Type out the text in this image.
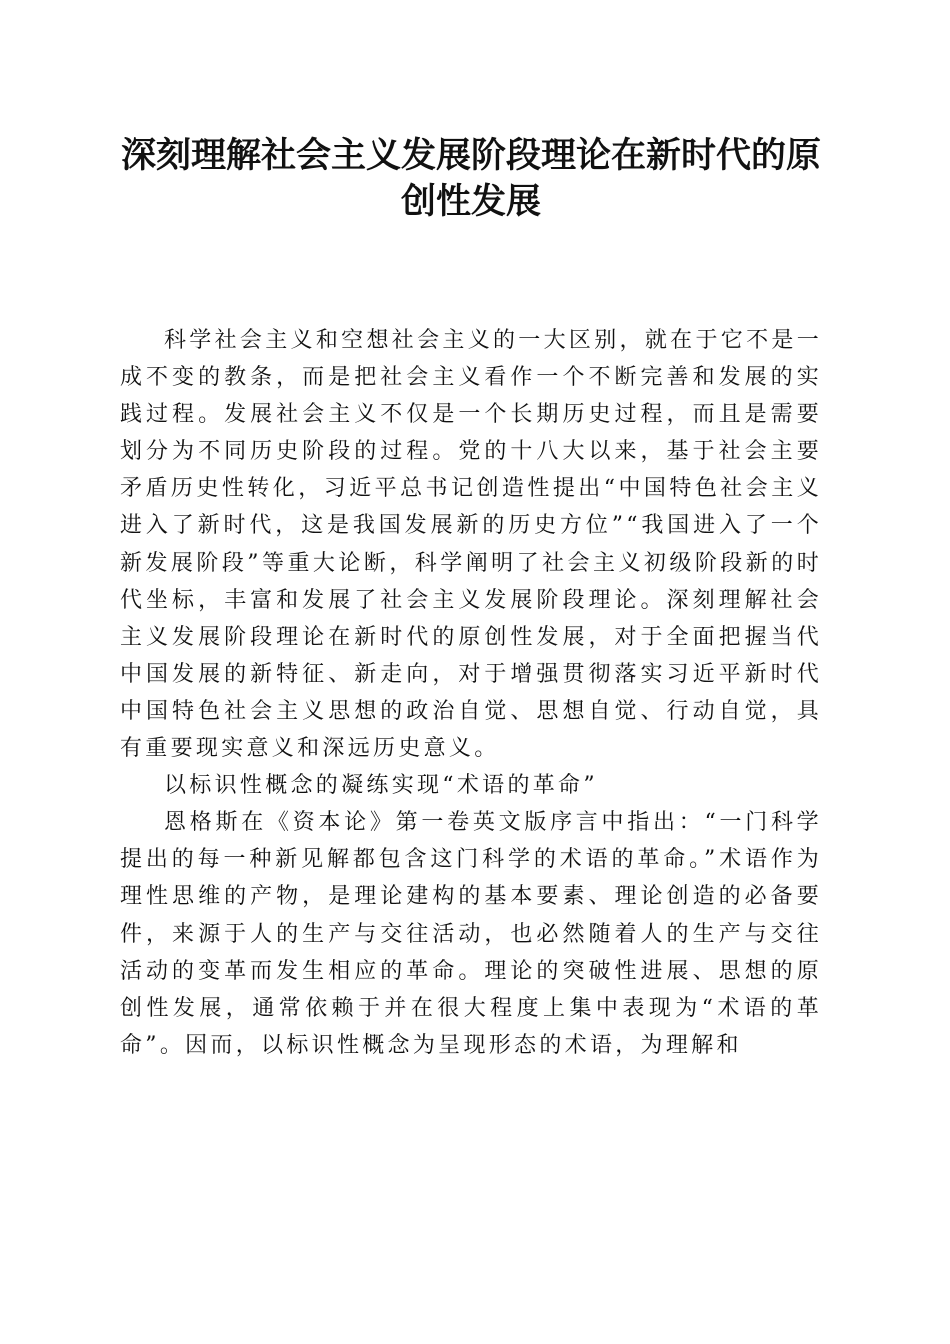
深刻理解社会主义发展阶段理论在新时代的原创性发展

科学社会主义和空想社会主义的一大区别，就在于它不是一成不变的教条，而是把社会主义看作一个不断完善和发展的实践过程。发展社会主义不仅是一个长期历史过程，而且是需要划分为不同历史阶段的过程。党的十八大以来，基于社会主要矛盾历史性转化，习近平总书记创造性提出“中国特色社会主义进入了新时代，这是我国发展新的历史方位”“我国进入了一个新发展阶段”等重大论断，科学阐明了社会主义初级阶段新的时代坐标，丰富和发展了社会主义发展阶段理论。深刻理解社会主义发展阶段理论在新时代的原创性发展，对于全面把握当代中国发展的新特征、新走向，对于增强贯彻落实习近平新时代中国特色社会主义思想的政治自觉、思想自觉、行动自觉，具有重要现实意义和深远历史意义。

以标识性概念的凝练实现“术语的革命”

恩格斯在《资本论》第一卷英文版序言中指出：“一门科学提出的每一种新见解都包含这门科学的术语的革命。”术语作为理性思维的产物，是理论建构的基本要素、理论创造的必备要件，来源于人的生产与交往活动，也必然随着人的生产与交往活动的变革而发生相应的革命。理论的突破性进展、思想的原创性发展，通常依赖于并在很大程度上集中表现为“术语的革命”。因而，以标识性概念为呈现形态的术语，为理解和
